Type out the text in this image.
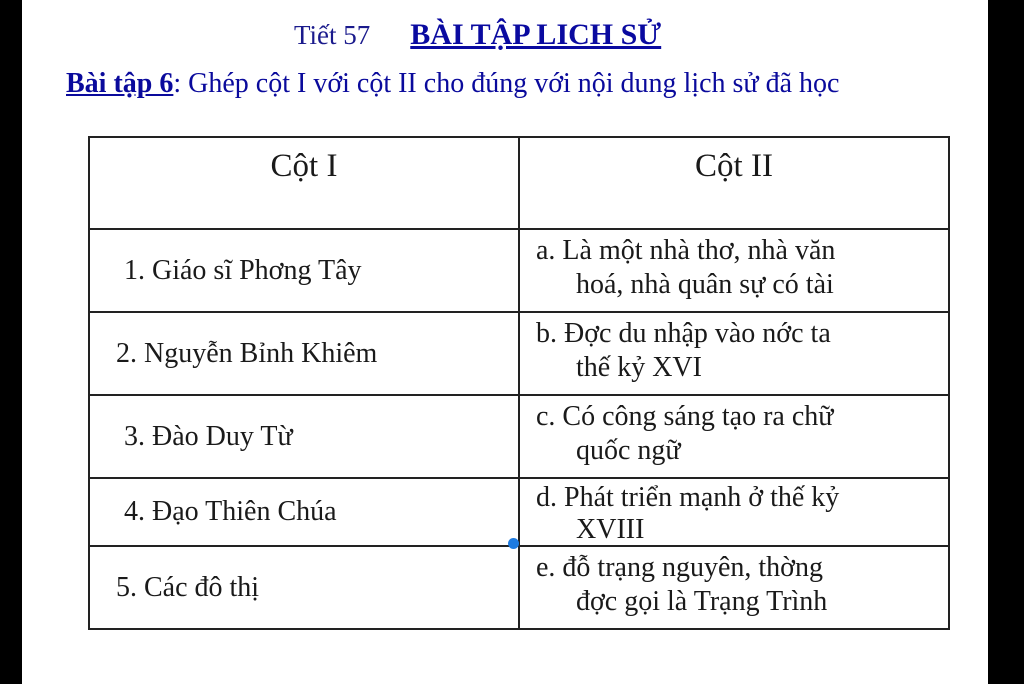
Tiết 57 BÀI TẬP LICH SỬ
Bài tập 6: Ghép cột I với cột II cho đúng với nội dung lịch sử đã học
Cột I	Cột II

1. Giáo sĩ Phơng Tây	a. Là một nhà thơ, nhà văn
hoá, nhà quân sự có tài

2. Nguyễn Bỉnh Khiêm	b. Đợc du nhập vào nớc ta
thế kỷ XVI

3. Đào Duy Từ	c. Có công sáng tạo ra chữ
quốc ngữ

4. Đạo Thiên Chúa	d. Phát triển mạnh ở thế kỷ
XVIII

5. Các đô thị	e. đỗ trạng nguyên, thờng
đợc gọi là Trạng Trình
